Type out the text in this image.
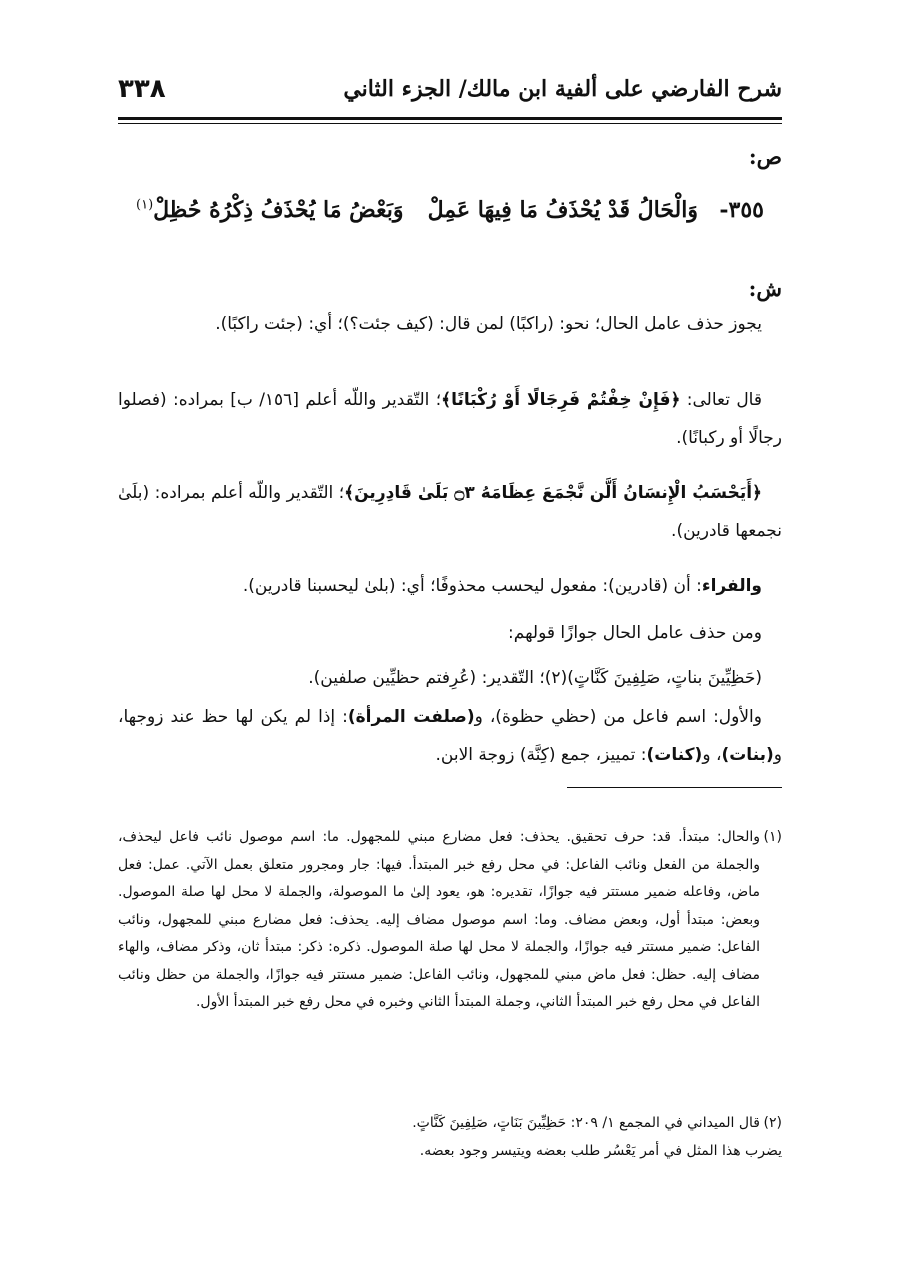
٣٣٨	شرح الفارضي على ألفية ابن مالك/ الجزء الثاني
ص:
٣٥٥-
وَالْحَالُ قَدْ يُحْذَفُ مَا فِيهَا عَمِلْ
وَبَعْضُ مَا يُحْذَفُ ذِكْرُهُ حُظِلْ$^{(١)}$
ش:
يجوز حذف عامل الحال؛ نحو: (راكبًا) لمن قال: (كيف جئت؟)؛ أي: (جئت راكبًا).
قال تعالى: ﴿فَإِنْ خِفْتُمْ فَرِجَالًا أَوْ رُكْبَانًا﴾؛ التّقدير واللّه أعلم [١٥٦/ ب] بمراده: (فصلوا رجالًا أو ركبانًا).
﴿أَيَحْسَبُ الْإِنسَانُ أَلَّن نَّجْمَعَ عِظَامَهُ ۝٣ بَلَىٰ قَادِرِينَ﴾؛ التّقدير واللّه أعلم بمراده: (بلَىٰ نجمعها قادرين).
والفراء: أن (قادرين): مفعول ليحسب محذوفًا؛ أي: (بلىٰ ليحسبنا قادرين).
ومن حذف عامل الحال جوازًا قولهم:
(حَظِيِّينَ بناتٍ، صَلِفِينَ كَنَّاتٍ)(٢)؛ التّقدير: (عُرِفتم حظيِّين صلفين).
والأول: اسم فاعل من (حظي حظوة)، و(صلفت المرأة): إذا لم يكن لها حظ عند زوجها، و(بنات)، و(كنات): تمييز، جمع (كِنَّة) زوجة الابن.
(١)
والحال: مبتدأ. قد: حرف تحقيق. يحذف: فعل مضارع مبني للمجهول. ما: اسم موصول نائب فاعل ليحذف، والجملة من الفعل ونائب الفاعل: في محل رفع خبر المبتدأ. فيها: جار ومجرور متعلق بعمل الآتي. عمل: فعل ماض، وفاعله ضمير مستتر فيه جوازًا، تقديره: هو، يعود إلىٰ ما الموصولة، والجملة لا محل لها صلة الموصول. وبعض: مبتدأ أول، وبعض مضاف. وما: اسم موصول مضاف إليه. يحذف: فعل مضارع مبني للمجهول، ونائب الفاعل: ضمير مستتر فيه جوازًا، والجملة لا محل لها صلة الموصول. ذكره: ذكر: مبتدأ ثان، وذكر مضاف، والهاء مضاف إليه. حظل: فعل ماض مبني للمجهول، ونائب الفاعل: ضمير مستتر فيه جوازًا، والجملة من حظل ونائب الفاعل في محل رفع خبر المبتدأ الثاني، وجملة المبتدأ الثاني وخبره في محل رفع خبر المبتدأ الأول.
(٢)
قال الميداني في المجمع ١/ ٢٠٩: حَظِيِّينَ بَنَاتٍ، صَلِفِينَ كَنَّاتٍ.
يضرب هذا المثل في أمر يَعْسُر طلب بعضه ويتيسر وجود بعضه.
